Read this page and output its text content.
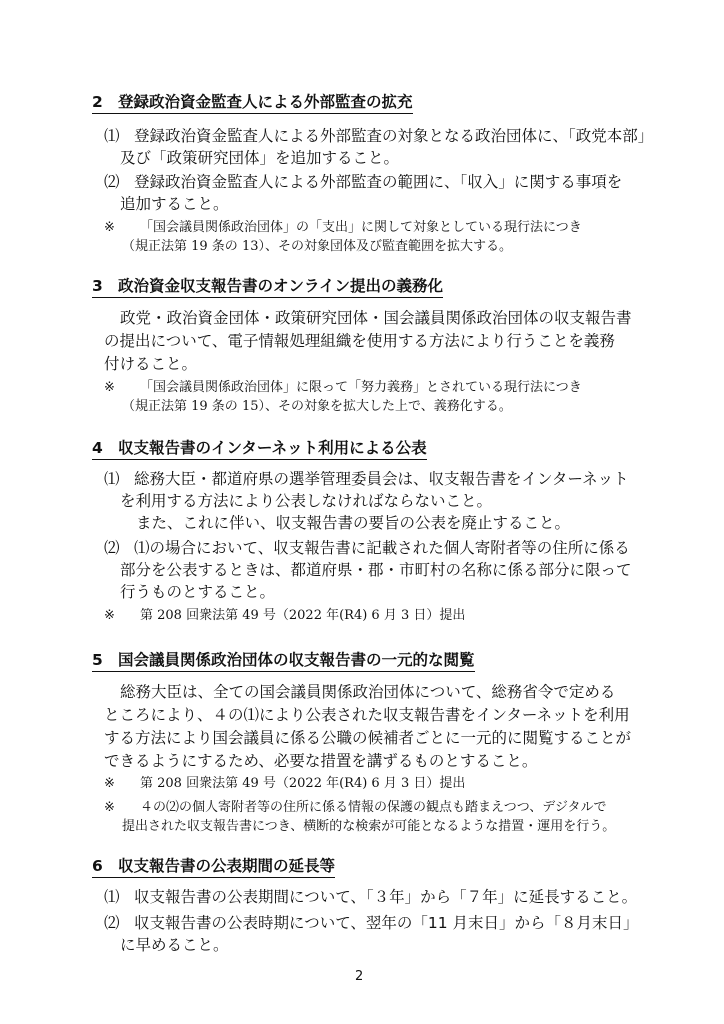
2 登録政治資金監査人による外部監査の拡充
⑴ 登録政治資金監査人による外部監査の対象となる政治団体に、「政党本部」
及び「政策研究団体」を追加すること。
⑵ 登録政治資金監査人による外部監査の範囲に、「収入」に関する事項を
追加すること。
※ 「国会議員関係政治団体」の「支出」に関して対象としている現行法につき
（規正法第 19 条の 13）、その対象団体及び監査範囲を拡大する。
3 政治資金収支報告書のオンライン提出の義務化
政党・政治資金団体・政策研究団体・国会議員関係政治団体の収支報告書
の提出について、電子情報処理組織を使用する方法により行うことを義務
付けること。
※ 「国会議員関係政治団体」に限って「努力義務」とされている現行法につき
（規正法第 19 条の 15）、その対象を拡大した上で、義務化する。
4 収支報告書のインターネット利用による公表
⑴ 総務大臣・都道府県の選挙管理委員会は、収支報告書をインターネット
を利用する方法により公表しなければならないこと。
また、これに伴い、収支報告書の要旨の公表を廃止すること。
⑵ ⑴の場合において、収支報告書に記載された個人寄附者等の住所に係る
部分を公表するときは、都道府県・郡・市町村の名称に係る部分に限って
行うものとすること。
※ 第 208 回衆法第 49 号（2022 年(R4) 6 月 3 日）提出
5 国会議員関係政治団体の収支報告書の一元的な閲覧
総務大臣は、全ての国会議員関係政治団体について、総務省令で定める
ところにより、４の⑴により公表された収支報告書をインターネットを利用
する方法により国会議員に係る公職の候補者ごとに一元的に閲覧することが
できるようにするため、必要な措置を講ずるものとすること。
※ 第 208 回衆法第 49 号（2022 年(R4) 6 月 3 日）提出
※ ４の⑵の個人寄附者等の住所に係る情報の保護の観点も踏まえつつ、デジタルで
提出された収支報告書につき、横断的な検索が可能となるような措置・運用を行う。
6 収支報告書の公表期間の延長等
⑴ 収支報告書の公表期間について、「３年」から「７年」に延長すること。
⑵ 収支報告書の公表時期について、翌年の「11 月末日」から「８月末日」
に早めること。
2
